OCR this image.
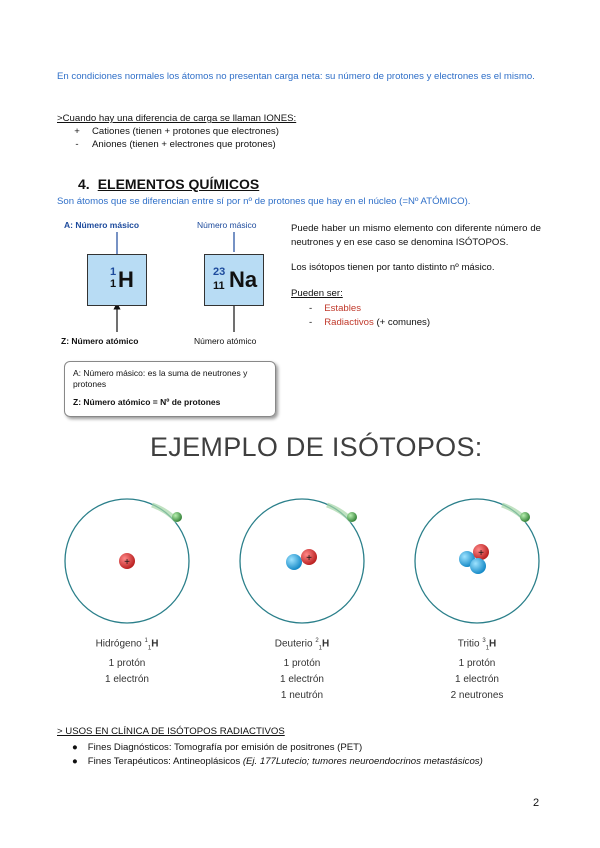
En condiciones normales los átomos no presentan carga neta: su número de protones y electrones es el mismo.
>Cuando hay una diferencia de carga se llaman IONES:
+ Cationes (tienen + protones que electrones)
-	Aniones (tienen + electrones que protones)
4. ELEMENTOS QUÍMICOS
Son átomos que se diferencian entre sí por nº de protones que hay en el núcleo (=Nº ATÓMICO).
A: Número másico	Número másico
1
1 H	23
11 Na
Z: Número atómico	Número atómico
A: Número másico: es la suma de neutrones y protones
Z: Número atómico = Nº de protones

Puede haber un mismo elemento con diferente número de neutrones y en ese caso se denomina ISÓTOPOS.

Los isótopos tienen por tanto distinto nº másico.

Pueden ser:
- Estables
- Radiactivos (+ comunes)
EJEMPLO DE ISÓTOPOS:
+	+	+
Hidrógeno $^1_1$H
1 protón
1 electrón
Deuterio $^2_1$H
1 protón
1 electrón
1 neutrón
Tritio $^3_1$H
1 protón
1 electrón
2 neutrones
> USOS EN CLÍNICA DE ISÓTOPOS RADIACTIVOS
● Fines Diagnósticos: Tomografía por emisión de positrones (PET)
● Fines Terapéuticos: Antineoplásicos (Ej. 177Lutecio; tumores neuroendocrinos metastásicos)
2
